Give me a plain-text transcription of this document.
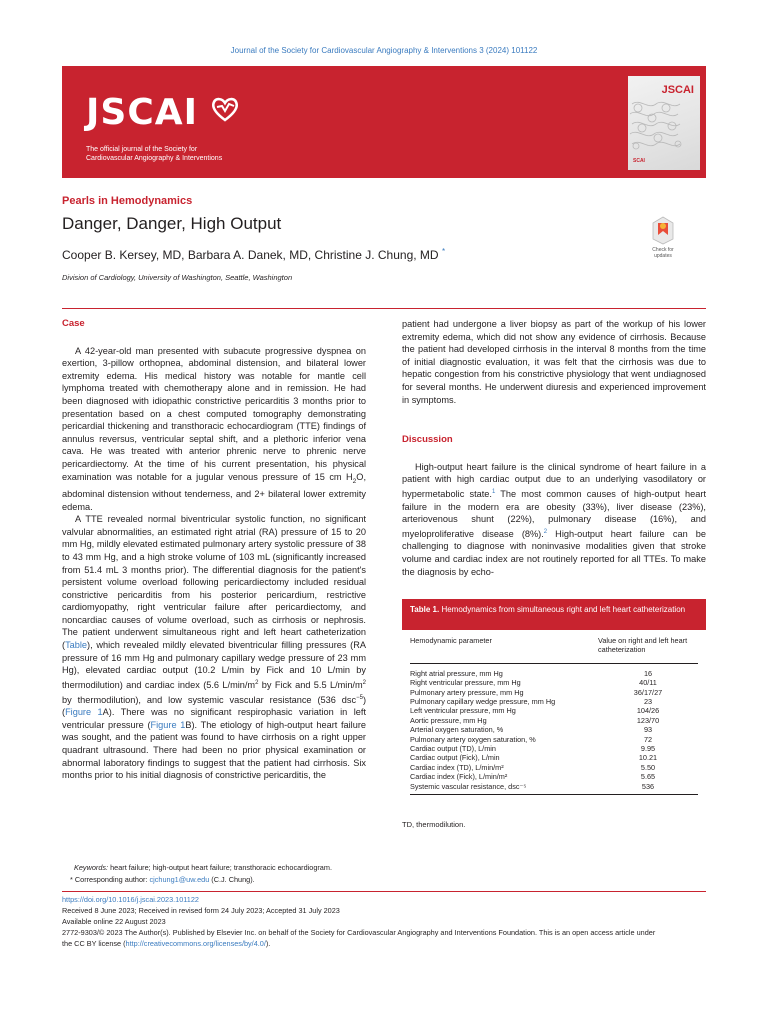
Journal of the Society for Cardiovascular Angiography & Interventions 3 (2024) 101122
JSCAI
The official journal of the Society for
Cardiovascular Angiography & Interventions
JSCAI
SCAI
Pearls in Hemodynamics
Danger, Danger, High Output
Cooper B. Kersey, MD, Barbara A. Danek, MD, Christine J. Chung, MD *
Division of Cardiology, University of Washington, Seattle, Washington
Check for updates
Case

A 42-year-old man presented with subacute progressive dyspnea on exertion, 3-pillow orthopnea, abdominal distension, and bilateral lower extremity edema. His medical history was notable for mantle cell lymphoma treated with chemotherapy alone and in remission. He had been diagnosed with idiopathic constrictive pericarditis 3 months prior to presentation based on a chest computed tomography demonstrating pericardial thickening and transthoracic echocardiogram (TTE) findings of annulus reversus, ventricular septal shift, and a plethoric inferior vena cava. He was treated with anterior phrenic nerve to phrenic nerve pericardiectomy. At the time of his current presentation, his physical examination was notable for a jugular venous pressure of 15 cm $H_2O$, abdominal distension without tenderness, and 2+ bilateral lower extremity edema.

A TTE revealed normal biventricular systolic function, no significant valvular abnormalities, an estimated right atrial (RA) pressure of 15 to 20 mm Hg, mildly elevated estimated pulmonary artery systolic pressure of 38 to 43 mm Hg, and a high stroke volume of 103 mL (significantly increased from 51.4 mL 3 months prior). The differential diagnosis for the patient's persistent volume overload following pericardiectomy included residual constrictive pericarditis from his posterior pericardium, restrictive cardiomyopathy, right ventricular failure after pericardiectomy, and noncardiac causes of volume overload, such as cirrhosis or nephrosis. The patient underwent simultaneous right and left heart catheterization (Table), which revealed mildly elevated biventricular filling pressures (RA pressure of 16 mm Hg and pulmonary capillary wedge pressure of 23 mm Hg), elevated cardiac output (10.2 L/min by Fick and 10 L/min by thermodilution) and cardiac index (5.6 $L/\min/m^2$ by Fick and 5.5 $L/\min/m^2$ by thermodilution), and low systemic vascular resistance (536 dsc$^{-5}$) (Figure 1A). There was no significant respirophasic variation in left ventricular pressure (Figure 1B). The etiology of high-output heart failure was sought, and the patient was found to have cirrhosis on a right upper quadrant ultrasound. There had been no prior physical examination or abnormal laboratory findings to suggest that the patient had cirrhosis. Six months prior to his initial diagnosis of constrictive pericarditis, the

patient had undergone a liver biopsy as part of the workup of his lower extremity edema, which did not show any evidence of cirrhosis. Because the patient had developed cirrhosis in the interval 8 months from the time of initial diagnostic evaluation, it was felt that the cirrhosis was due to hepatic congestion from his constrictive physiology that went undiagnosed for several months. He underwent diuresis and experienced improvement in symptoms.

Discussion

High-output heart failure is the clinical syndrome of heart failure in a patient with high cardiac output due to an underlying vasodilatory or hypermetabolic state.$^1$ The most common causes of high-output heart failure in the modern era are obesity (33%), liver disease (23%), arteriovenous shunt (22%), pulmonary disease (16%), and myeloproliferative disease (8%).$^2$ High-output heart failure can be challenging to diagnose with noninvasive modalities given that stroke volume and cardiac index are not routinely reported for all TTEs. To make the diagnosis by echo-

Table 1. Hemodynamics from simultaneous right and left heart catheterization
Hemodynamic parameter	Value on right and left heart catheterization
Right atrial pressure, mm Hg	16
Right ventricular pressure, mm Hg	40/11
Pulmonary artery pressure, mm Hg	36/17/27
Pulmonary capillary wedge pressure, mm Hg	23
Left ventricular pressure, mm Hg	104/26
Aortic pressure, mm Hg	123/70
Arterial oxygen saturation, %	93
Pulmonary artery oxygen saturation, %	72
Cardiac output (TD), L/min	9.95
Cardiac output (Fick), L/min	10.21
Cardiac index (TD), L/min/m²	5.50
Cardiac index (Fick), L/min/m²	5.65
Systemic vascular resistance, dsc⁻⁵	536
TD, thermodilution.
Keywords: heart failure; high-output heart failure; transthoracic echocardiogram.
* Corresponding author: cjchung1@uw.edu (C.J. Chung).
https://doi.org/10.1016/j.jscai.2023.101122
Received 8 June 2023; Received in revised form 24 July 2023; Accepted 31 July 2023
Available online 22 August 2023
2772-9303/© 2023 The Author(s). Published by Elsevier Inc. on behalf of the Society for Cardiovascular Angiography and Interventions Foundation. This is an open access article under
the CC BY license (http://creativecommons.org/licenses/by/4.0/).
